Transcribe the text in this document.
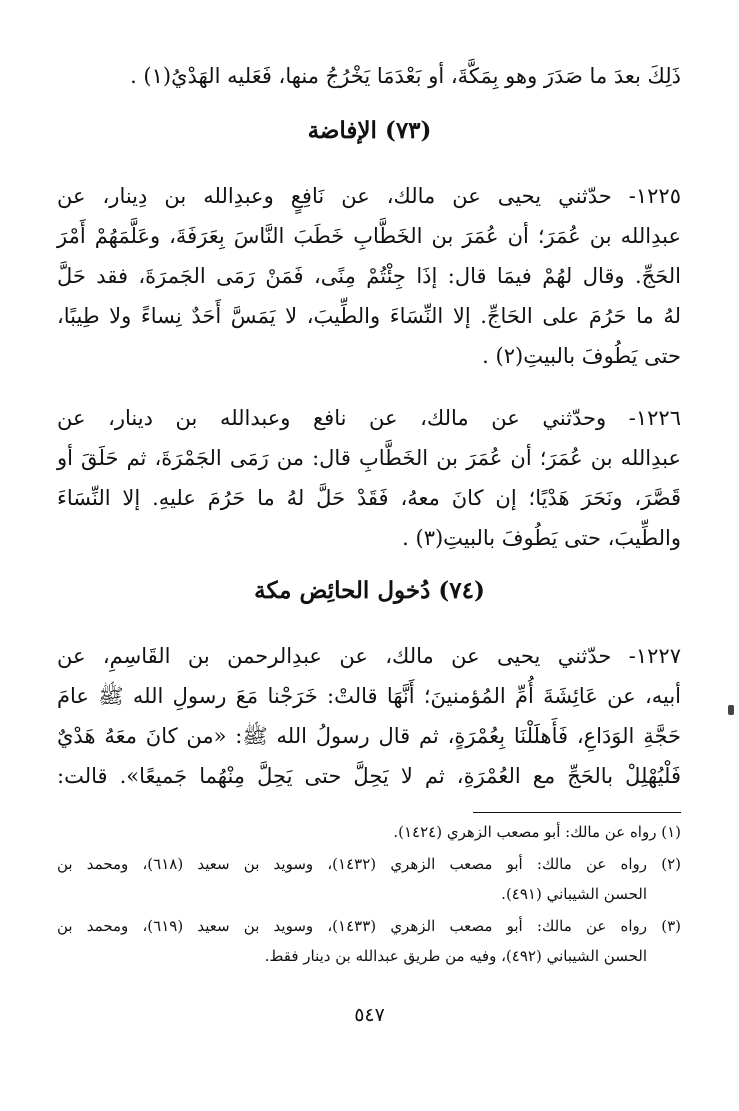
ذَلِكَ بعدَ ما صَدَرَ وهو بِمَكَّةَ، أو بَعْدَمَا يَخْرُجُ منها، فَعَليه الهَدْيُ(١) .
(٧٣) الإفاضة
١٢٢٥- حدّثني يحيى عن مالك، عن نَافِعٍ وعبدِالله بن دِينار، عن
عبدِالله بن عُمَرَ؛ أن عُمَرَ بن الخَطَّابِ خَطَبَ النَّاسَ بِعَرَفَةَ، وعَلَّمَهُمْ أَمْرَ
الحَجِّ. وقال لهُمْ فيمَا قال: إذَا جِئْتُمْ مِنًى، فَمَنْ رَمَى الجَمرَةَ، فقد حَلَّ
لهُ ما حَرُمَ على الحَاجِّ. إلا النِّسَاءَ والطِّيبَ، لا يَمَسَّ أَحَدٌ نِساءً ولا طِيبًا،
حتى يَطُوفَ بالبيتِ(٢) .
١٢٢٦- وحدّثني عن مالك، عن نافع وعبدالله بن دينار، عن
عبدِالله بن عُمَرَ؛ أن عُمَرَ بن الخَطَّابِ قال: من رَمَى الجَمْرَةَ، ثم حَلَقَ أو
قَصَّرَ، ونَحَرَ هَدْيًا؛ إن كانَ معهُ، فَقَدْ حَلَّ لهُ ما حَرُمَ عليهِ. إلا النِّسَاءَ
والطِّيبَ، حتى يَطُوفَ بالبيتِ(٣) .
(٧٤) دُخول الحائِض مكة
١٢٢٧- حدّثني يحيى عن مالك، عن عبدِالرحمن بن القَاسِمِ، عن
أبيه، عن عَائِشَةَ أُمِّ المُؤمنينَ؛ أَنَّهَا قالتْ: خَرَجْنا مَعَ رسولِ الله ﷺ عامَ
حَجَّةِ الوَدَاعِ، فَأَهلَلْنَا بِعُمْرَةٍ، ثم قال رسولُ الله ﷺ: «من كانَ معَهُ هَدْيٌ
فَلْيُهْلِلْ بالحَجِّ مع العُمْرَةِ، ثم لا يَحِلَّ حتى يَحِلَّ مِنْهُما جَميعًا». قالت:
(١) رواه عن مالك: أبو مصعب الزهري (١٤٢٤).
(٢) رواه عن مالك: أبو مصعب الزهري (١٤٣٢)، وسويد بن سعيد (٦١٨)، ومحمد بن
الحسن الشيباني (٤٩١).
(٣) رواه عن مالك: أبو مصعب الزهري (١٤٣٣)، وسويد بن سعيد (٦١٩)، ومحمد بن
الحسن الشيباني (٤٩٢)، وفيه من طريق عبدالله بن دينار فقط.
٥٤٧
